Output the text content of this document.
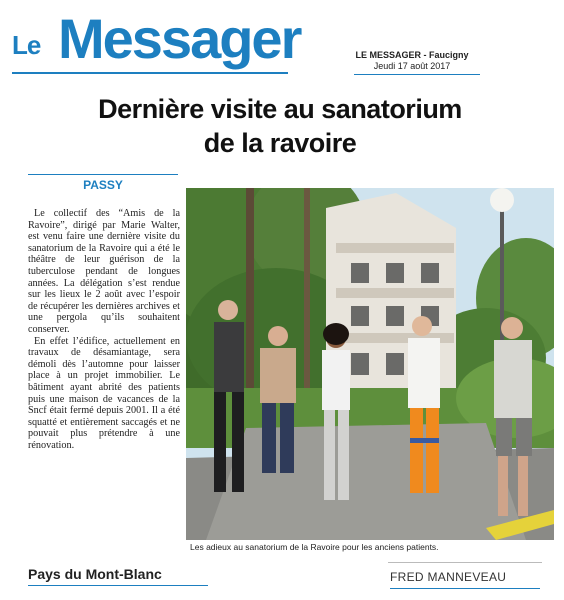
Le Messager	LE MESSAGER - Faucigny
Jeudi 17 août 2017
Dernière visite au sanatorium
de la ravoire
PASSY

Le collectif des “Amis de la Ravoire”, dirigé par Marie Walter, est venu faire une dernière visite du sanatorium de la Ravoire qui a été le théâtre de leur guérison de la tuberculose pendant de longues années. La délégation s’est rendue sur les lieux le 2 août avec l’espoir de récupérer les dernières archives et une pergola qu’ils souhaitent conserver.

En effet l’édifice, actuellement en travaux de désamiantage, sera démoli dès l’automne pour laisser place à un projet immobilier. Le bâtiment ayant abrité des patients puis une maison de vacances de la Sncf était fermé depuis 2001. Il a été squatté et entièrement saccagés et ne pouvait plus prétendre à une rénovation.

Les adieux au sanatorium de la Ravoire pour les anciens patients.
Pays du Mont-Blanc	FRED MANNEVEAU
